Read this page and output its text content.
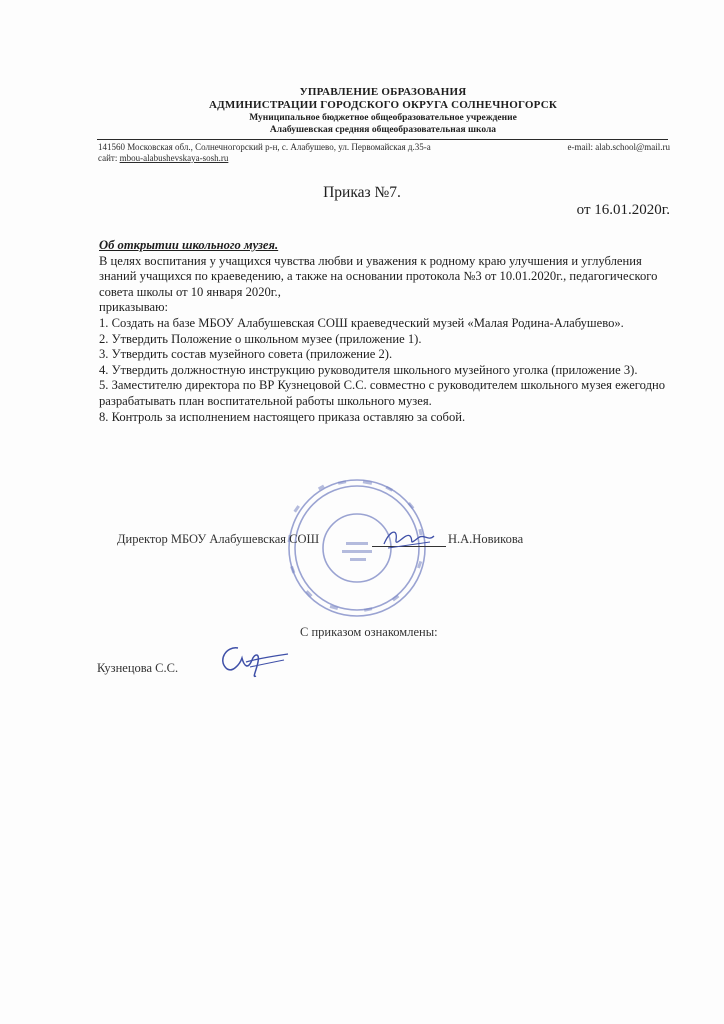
УПРАВЛЕНИЕ ОБРАЗОВАНИЯ
АДМИНИСТРАЦИИ ГОРОДСКОГО ОКРУГА СОЛНЕЧНОГОРСК
Муниципальное бюджетное общеобразовательное учреждение
Алабушевская средняя общеобразовательная школа
141560 Московская обл., Солнечногорский р-н, с. Алабушево, ул. Первомайская д.35-а	e-mail: alab.school@mail.ru
сайт: mbou-alabushevskaya-sosh.ru
Приказ №7.
от 16.01.2020г.

Об открытии школьного музея.

В целях воспитания у учащихся чувства любви и уважения к родному краю улучшения и углубления знаний учащихся по краеведению, а также на основании протокола №3 от 10.01.2020г., педагогического совета школы от 10 января 2020г.,

приказываю:

1. Создать на базе МБОУ Алабушевская СОШ краеведческий музей «Малая Родина-Алабушево».

2. Утвердить Положение о школьном музее (приложение 1).

3. Утвердить состав музейного совета (приложение 2).

4. Утвердить должностную инструкцию руководителя школьного музейного уголка (приложение 3).

5. Заместителю директора по ВР Кузнецовой С.С. совместно с руководителем школьного музея ежегодно разрабатывать план воспитательной работы школьного музея.

8. Контроль за исполнением настоящего приказа оставляю за собой.

Директор МБОУ Алабушевская СОШ	Н.А.Новикова
С приказом ознакомлены:
Кузнецова С.С.
